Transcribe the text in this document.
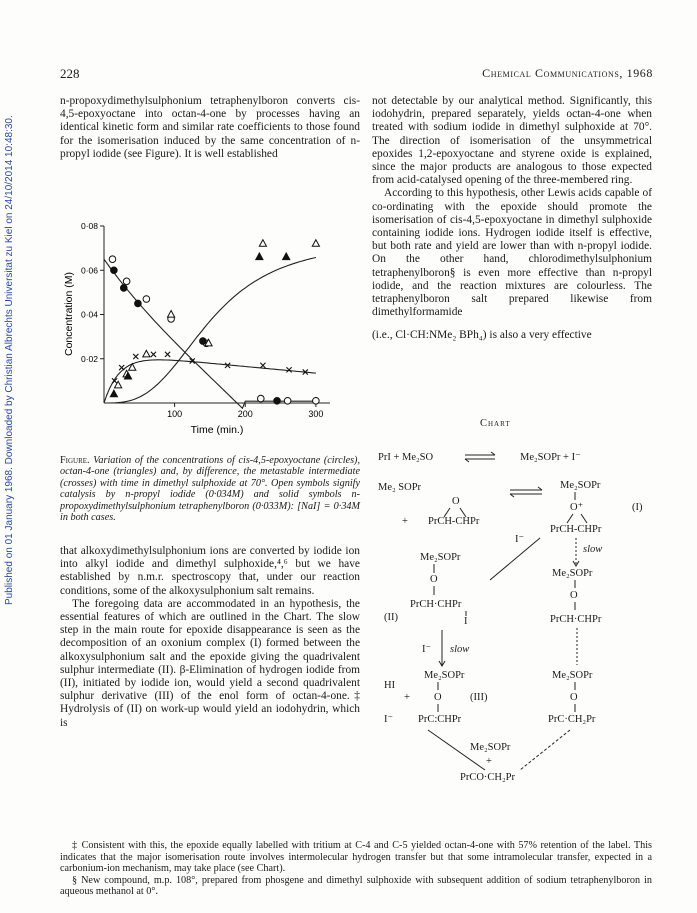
Published on 01 January 1968. Downloaded by Christian Albrechts Universitat zu Kiel on 24/10/2014 10:48:30.
228	Chemical Communications, 1968

n-propoxydimethylsulphonium tetraphenylboron converts cis-4,5-epoxyoctane into octan-4-one by processes having an identical kinetic form and similar rate coefficients to those found for the isomerisation induced by the same concentration of n-propyl iodide (see Figure). It is well established

100	200	300
0·02
0·04
0·06
0·08
Time (min.)
Concentration (M)
Figure. Variation of the concentrations of cis-4,5-epoxyoctane (circles), octan-4-one (triangles) and, by difference, the metastable intermediate (crosses) with time in dimethyl sulphoxide at 70°. Open symbols signify catalysis by n-propyl iodide (0·034M) and solid symbols n-propoxydimethylsulphonium tetraphenylboron (0·033M): [NaI] = 0·34M in both cases.

that alkoxydimethylsulphonium ions are converted by iodide ion into alkyl iodide and dimethyl sulphoxide,⁴,⁶ but we have established by n.m.r. spectroscopy that, under our reaction conditions, some of the alkoxysulphonium salt remains.

The foregoing data are accommodated in an hypothesis, the essential features of which are outlined in the Chart. The slow step in the main route for epoxide disappearance is seen as the decomposition of an oxonium complex (I) formed between the alkoxysulphonium salt and the epoxide giving the quadrivalent sulphur intermediate (II). β-Elimination of hydrogen iodide from (II), initiated by iodide ion, would yield a second quadrivalent sulphur derivative (III) of the enol form of octan-4-one.‡ Hydrolysis of (II) on work-up would yield an iodohydrin, which is

not detectable by our analytical method. Significantly, this iodohydrin, prepared separately, yields octan-4-one when treated with sodium iodide in dimethyl sulphoxide at 70°. The direction of isomerisation of the unsymmetrical epoxides 1,2-epoxyoctane and styrene oxide is explained, since the major products are analogous to those expected from acid-catalysed opening of the three-membered ring.

According to this hypothesis, other Lewis acids capable of co-ordinating with the epoxide should promote the isomerisation of cis-4,5-epoxyoctane in dimethyl sulphoxide containing iodide ions. Hydrogen iodide itself is effective, but both rate and yield are lower than with n-propyl iodide. On the other hand, chlorodimethylsulphonium tetraphenylboron§ is even more effective than n-propyl iodide, and the reaction mixtures are colourless. The tetraphenylboron salt prepared likewise from dimethylformamide

(i.e., Cl·CH:NMe₂ BPh₄) is also a very effective

Chart
PrI + Me₂SO	Me₂SOPr + I⁻
Me₂ SOPr
O
+ PrCH-CHPr
Me₂SOPr
O⁺	(I)
PrCH-CHPr
I⁻
slow
Me₂SOPr
O
PrCH·CHPr
(II)	I
Me₂SOPr
O
PrCH·CHPr
I⁻ slow
HI
Me₂SOPr
+ O	(III)
I⁻ PrC:CHPr
Me₂SOPr
O
PrC·CH₂Pr
Me₂SOPr
+
PrCO·CH₂Pr

‡ Consistent with this, the epoxide equally labelled with tritium at C-4 and C-5 yielded octan-4-one with 57% retention of the label. This indicates that the major isomerisation route involves intermolecular hydrogen transfer but that some intramolecular transfer, expected in a carbonium-ion mechanism, may take place (see Chart).

§ New compound, m.p. 108°, prepared from phosgene and dimethyl sulphoxide with subsequent addition of sodium tetraphenylboron in aqueous methanol at 0°.
